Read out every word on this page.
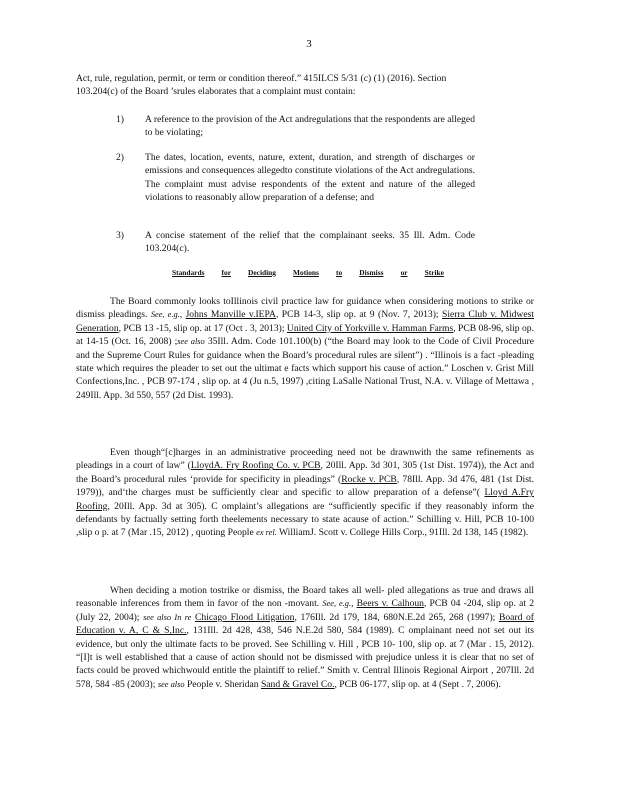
3
Act, rule, regulation, permit, or term or condition thereof.” 415ILCS 5/31 (c) (1) (2016). Section
103.204(c) of the Board ’srules elaborates that a complaint must contain:
1)	A reference to the provision of the Act andregulations that the respondents are alleged to be violating;
2)	The dates, location, events, nature, extent, duration, and strength of discharges or emissions and consequences allegedto constitute violations of the Act andregulations. The complaint must advise respondents of the extent and nature of the alleged violations to reasonably allow preparation of a defense; and
3)	A concise statement of the relief that the complainant seeks. 35 Ill. Adm. Code 103.204(c).
Standards for Deciding Motions to Dismiss or Strike
The Board commonly looks toIllinois civil practice law for guidance when considering motions to strike or dismiss pleadings. See, e.g., Johns Manville v.IEPA, PCB 14-3, slip op. at 9 (Nov. 7, 2013); Sierra Club v. Midwest Generation, PCB 13 -15, slip op. at 17 (Oct . 3, 2013); United City of Yorkville v. Hamman Farms, PCB 08-96, slip op. at 14-15 (Oct. 16, 2008) ;see also 35Ill. Adm. Code 101.100(b) (“the Board may look to the Code of Civil Procedure and the Supreme Court Rules for guidance when the Board’s procedural rules are silent”) . “Illinois is a fact -pleading state which requires the pleader to set out the ultimat e facts which support his cause of action.” Loschen v. Grist Mill Confections,Inc. , PCB 97-174 , slip op. at 4 (Ju n.5, 1997) ,citing LaSalle National Trust, N.A. v. Village of Mettawa , 249Ill. App. 3d 550, 557 (2d Dist. 1993).
Even though“[c]harges in an administrative proceeding need not be drawnwith the same refinements as pleadings in a court of law” (LloydA. Fry Roofing Co. v. PCB, 20Ill. App. 3d 301, 305 (1st Dist. 1974)), the Act and the Board’s procedural rules ‘provide for specificity in pleadings” (Rocke v. PCB, 78Ill. App. 3d 476, 481 (1st Dist. 1979)), and‘the charges must be sufficiently clear and specific to allow preparation of a defense”( Lloyd A.Fry Roofing, 20Ill. App. 3d at 305). C omplaint’s allegations are “sufficiently specific if they reasonably inform the defendants by factually setting forth theelements necessary to state acause of action.” Schilling v. Hill, PCB 10-100 ,slip o p. at 7 (Mar .15, 2012) , quoting People ex rel. WilliamJ. Scott v. College Hills Corp., 91Ill. 2d 138, 145 (1982).
When deciding a motion tostrike or dismiss, the Board takes all well- pled allegations as true and draws all reasonable inferences from them in favor of the non -movant. See, e.g., Beers v. Calhoun, PCB 04 -204, slip op. at 2 (July 22, 2004); see also In re Chicago Flood Litigation, 176Ill. 2d 179, 184, 680N.E.2d 265, 268 (1997); Board of Education v. A, C & S,Inc., 131Ill. 2d 428, 438, 546 N.E.2d 580, 584 (1989). C omplainant need not set out its evidence, but only the ultimate facts to be proved. See Schilling v. Hill , PCB 10- 100, slip op. at 7 (Mar . 15, 2012). “[I]t is well established that a cause of action should not be dismissed with prejudice unless it is clear that no set of facts could be proved whichwould entitle the plaintiff to relief.” Smith v. Central Illinois Regional Airport , 207Ill. 2d 578, 584 -85 (2003); see also People v. Sheridan Sand & Gravel Co., PCB 06-177, slip op. at 4 (Sept . 7, 2006).
